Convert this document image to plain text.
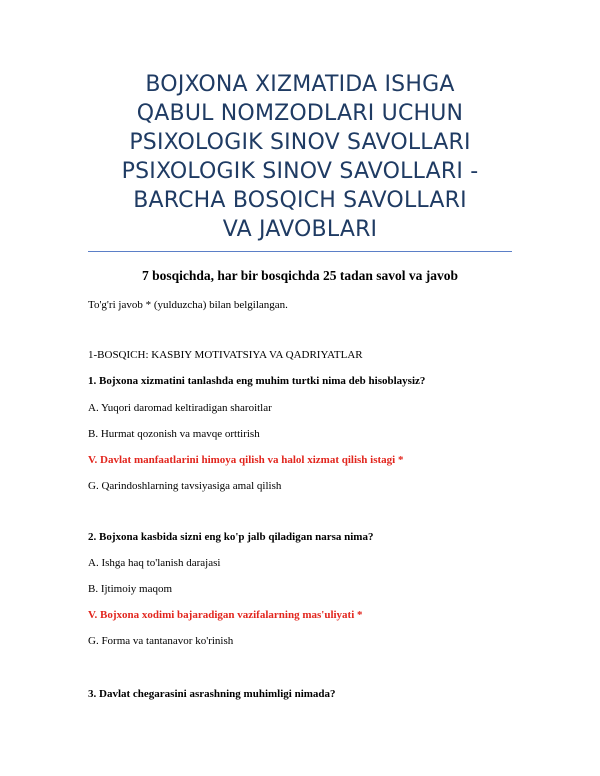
BOJXONA XIZMATIDA ISHGA
QABUL NOMZODLARI UCHUN
PSIXOLOGIK SINOV SAVOLLARI
PSIXOLOGIK SINOV SAVOLLARI -
BARCHA BOSQICH SAVOLLARI
VA JAVOBLARI
7 bosqichda, har bir bosqichda 25 tadan savol va javob
To'g'ri javob * (yulduzcha) bilan belgilangan.
1-BOSQICH: KASBIY MOTIVATSIYA VA QADRIYATLAR
1. Bojxona xizmatini tanlashda eng muhim turtki nima deb hisoblaysiz?
A. Yuqori daromad keltiradigan sharoitlar
B. Hurmat qozonish va mavqe orttirish
V. Davlat manfaatlarini himoya qilish va halol xizmat qilish istagi *
G. Qarindoshlarning tavsiyasiga amal qilish
2. Bojxona kasbida sizni eng ko'p jalb qiladigan narsa nima?
A. Ishga haq to'lanish darajasi
B. Ijtimoiy maqom
V. Bojxona xodimi bajaradigan vazifalarning mas'uliyati *
G. Forma va tantanavor ko'rinish
3. Davlat chegarasini asrashning muhimligi nimada?
